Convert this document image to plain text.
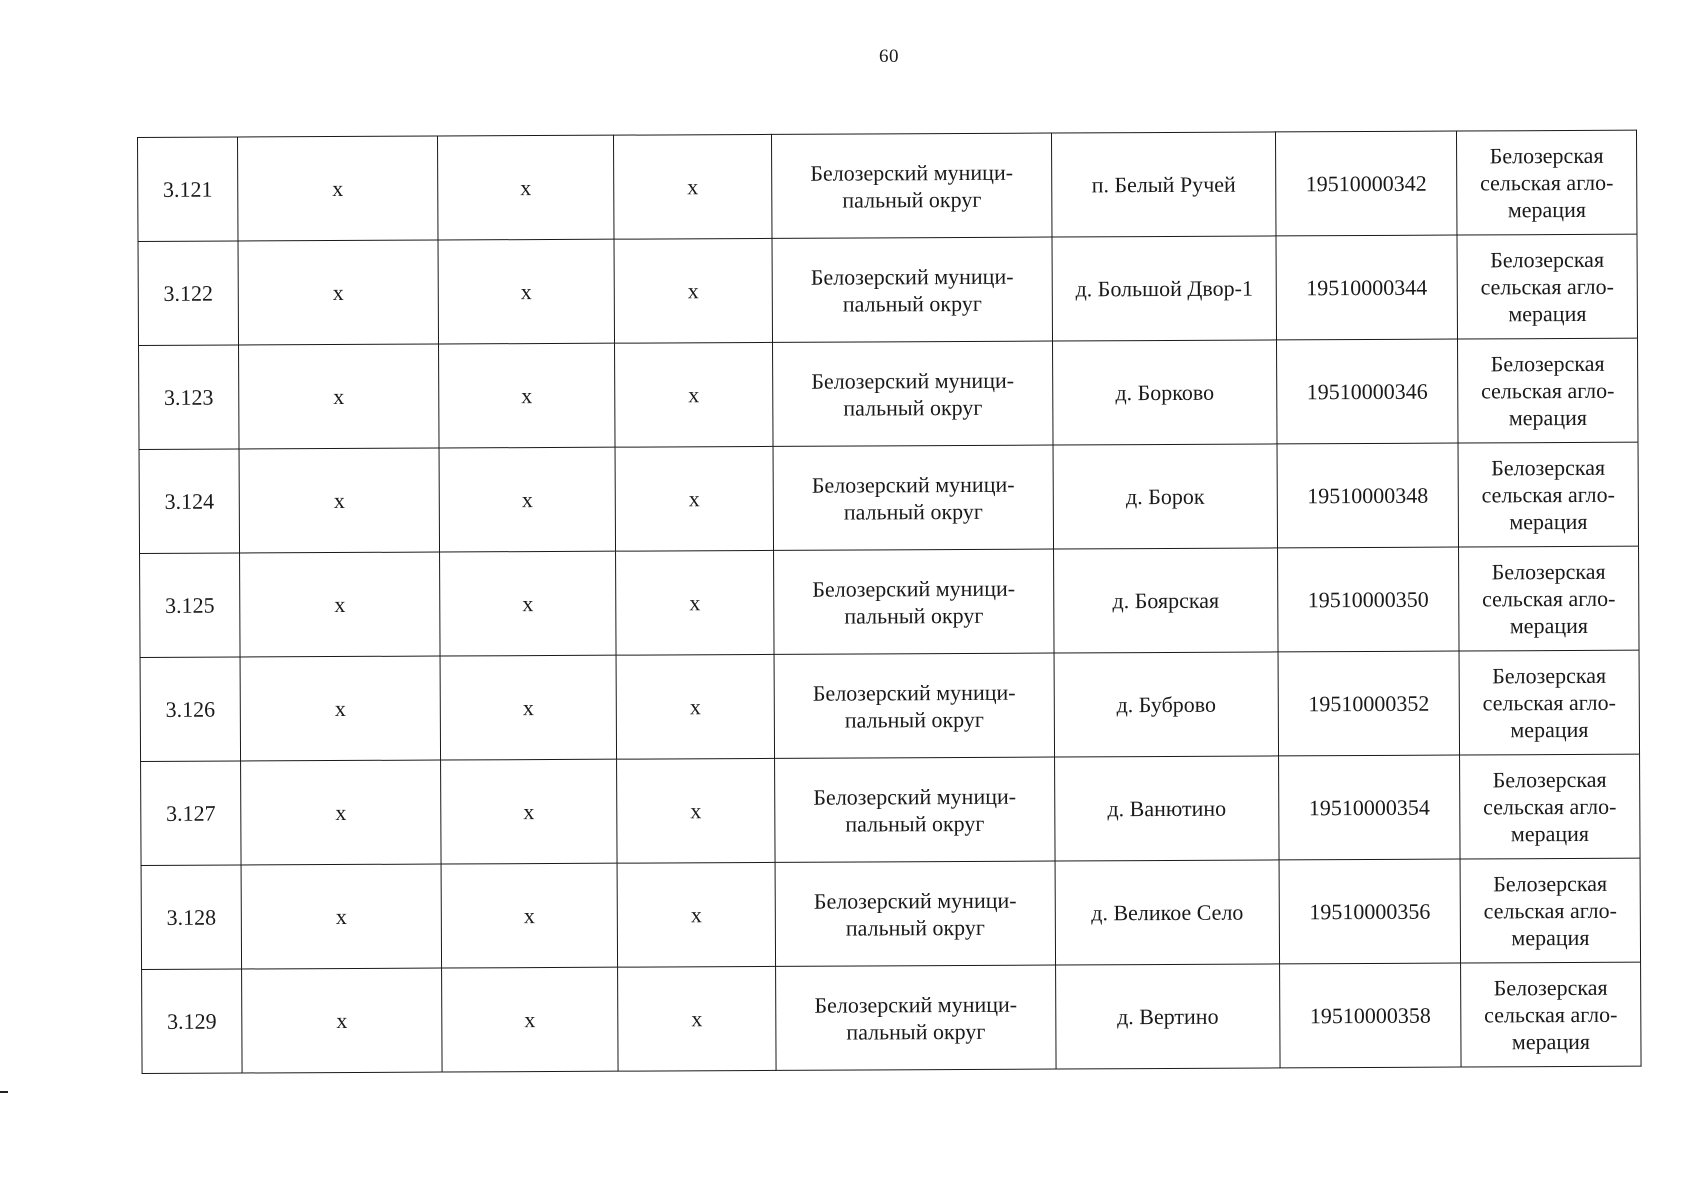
60
3.121	x	x	x	Белозерский муници-
пальный округ	п. Белый Ручей	19510000342	Белозерская
сельская агло-
мерация
3.122	x	x	x	Белозерский муници-
пальный округ	д. Большой Двор-1	19510000344	Белозерская
сельская агло-
мерация
3.123	x	x	x	Белозерский муници-
пальный округ	д. Борково	19510000346	Белозерская
сельская агло-
мерация
3.124	x	x	x	Белозерский муници-
пальный округ	д. Борок	19510000348	Белозерская
сельская агло-
мерация
3.125	x	x	x	Белозерский муници-
пальный округ	д. Боярская	19510000350	Белозерская
сельская агло-
мерация
3.126	x	x	x	Белозерский муници-
пальный округ	д. Буброво	19510000352	Белозерская
сельская агло-
мерация
3.127	x	x	x	Белозерский муници-
пальный округ	д. Ванютино	19510000354	Белозерская
сельская агло-
мерация
3.128	x	x	x	Белозерский муници-
пальный округ	д. Великое Село	19510000356	Белозерская
сельская агло-
мерация
3.129	x	x	x	Белозерский муници-
пальный округ	д. Вертино	19510000358	Белозерская
сельская агло-
мерация
